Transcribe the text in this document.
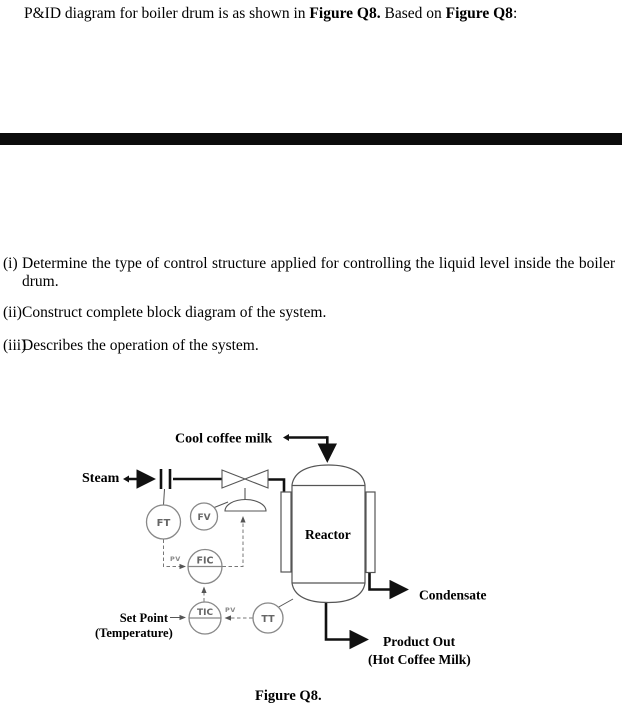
P&ID diagram for boiler drum is as shown in Figure Q8. Based on Figure Q8:
(i) Determine the type of control structure applied for controlling the liquid level inside the boiler drum.
(ii) Construct complete block diagram of the system.
(iii)
Describes the operation of the system.
Reactor
FT	FV
FIC
TIC
TT
PV
PV
Cool coffee milk
Steam
Condensate
Product Out
(Hot Coffee Milk)
Set Point
(Temperature)
Figure Q8.
